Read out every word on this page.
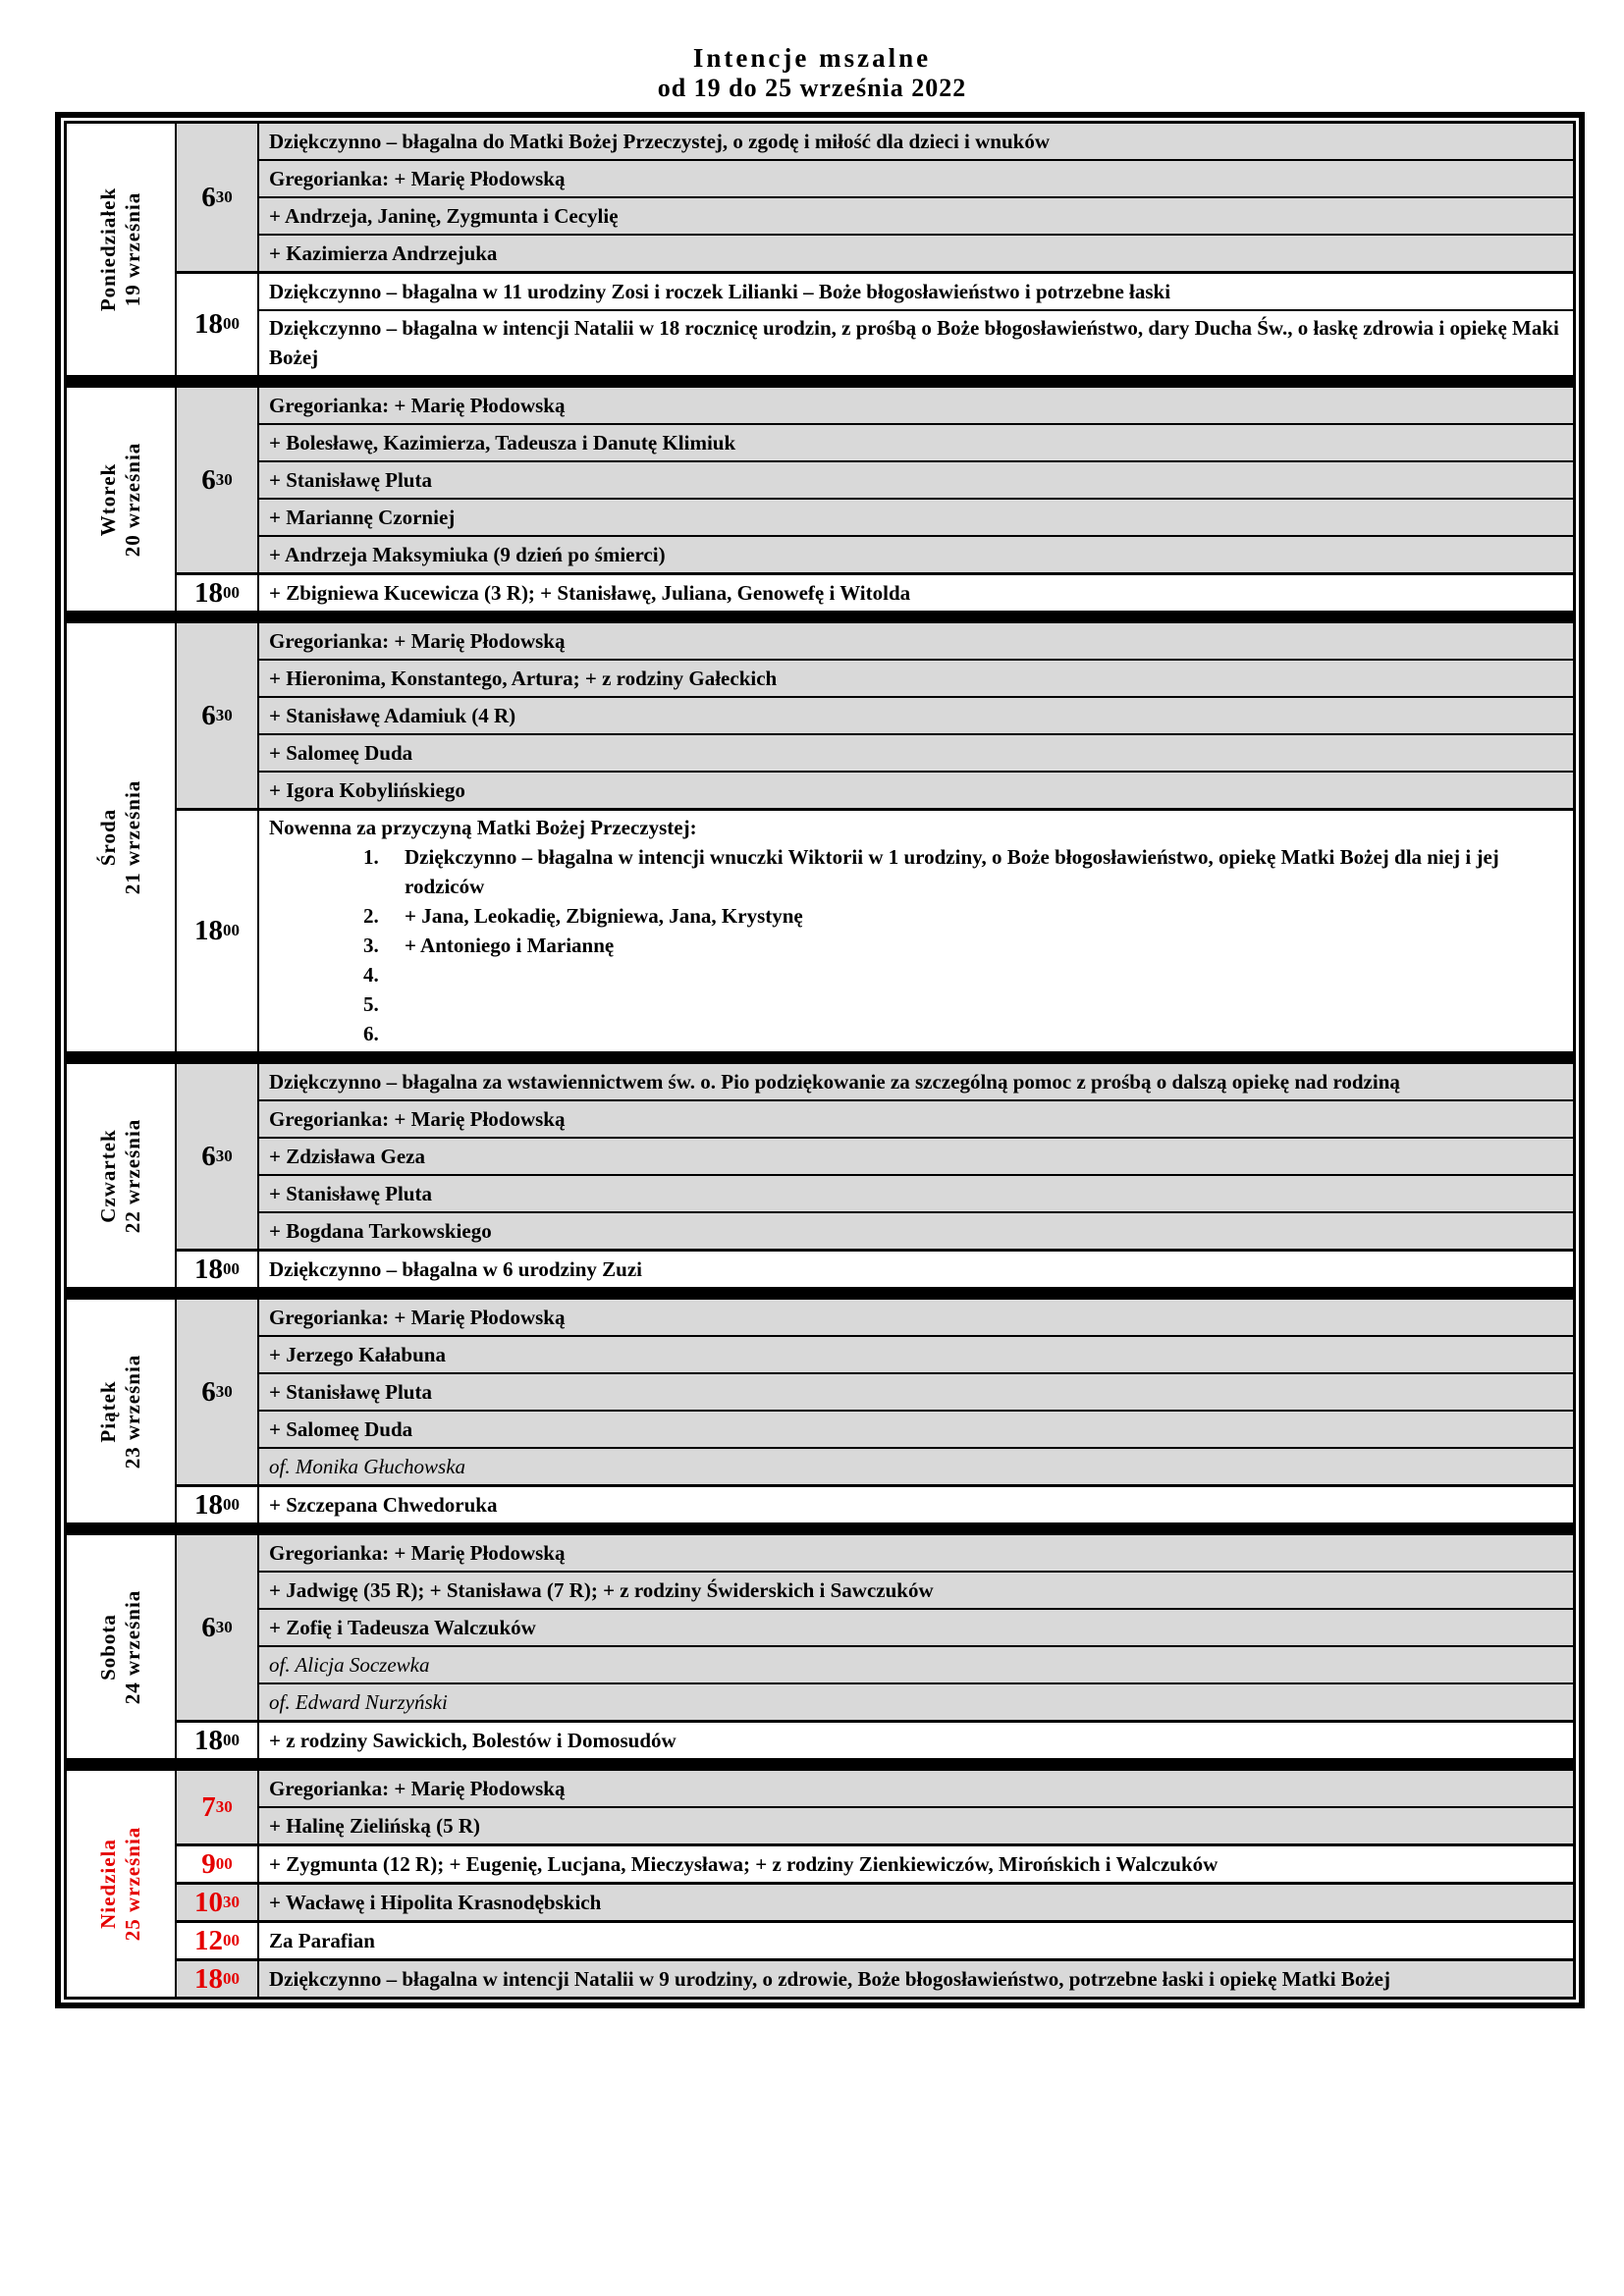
Intencje mszalne
od 19 do 25 września 2022
Poniedziałek 19 września $6^{30}$
Dziękczynno – błagalna do Matki Bożej Przeczystej, o zgodę i miłość dla dzieci i wnuków
Gregorianka: + Marię Płodowską
+ Andrzeja, Janinę, Zygmunta i Cecylię
+ Kazimierza Andrzejuka
$18^{00}$
Dziękczynno – błagalna w 11 urodziny Zosi i roczek Lilianki – Boże błogosławieństwo i potrzebne łaski
Dziękczynno – błagalna w intencji Natalii w 18 rocznicę urodzin, z prośbą o Boże błogosławieństwo, dary Ducha Św., o łaskę zdrowia i opiekę Maki Bożej
Wtorek 20 września $6^{30}$
Gregorianka: + Marię Płodowską
+ Bolesławę, Kazimierza, Tadeusza i Danutę Klimiuk
+ Stanisławę Pluta
+ Mariannę Czorniej
+ Andrzeja Maksymiuka (9 dzień po śmierci)
$18^{00}$	+ Zbigniewa Kucewicza (3 R); + Stanisławę, Juliana, Genowefę i Witolda
Środa 21 września
$6^{30}$
Gregorianka: + Marię Płodowską
+ Hieronima, Konstantego, Artura; + z rodziny Gałeckich
+ Stanisławę Adamiuk (4 R)
+ Salomeę Duda
+ Igora Kobylińskiego
$18^{00}$
Nowenna za przyczyną Matki Bożej Przeczystej:
1.	Dziękczynno – błagalna w intencji wnuczki Wiktorii w 1 urodziny, o Boże błogosławieństwo, opiekę Matki Bożej dla niej i jej rodziców
2.	+ Jana, Leokadię, Zbigniewa, Jana, Krystynę
3.	+ Antoniego i Mariannę
4.
5.
6.
Czwartek 22 września $6^{30}$
Dziękczynno – błagalna za wstawiennictwem św. o. Pio podziękowanie za szczególną pomoc z prośbą o dalszą opiekę nad rodziną
Gregorianka: + Marię Płodowską
+ Zdzisława Geza
+ Stanisławę Pluta
+ Bogdana Tarkowskiego
$18^{00}$	Dziękczynno – błagalna w 6 urodziny Zuzi
Piątek 23 września $6^{30}$
Gregorianka: + Marię Płodowską
+ Jerzego Kałabuna
+ Stanisławę Pluta
+ Salomeę Duda
of. Monika Głuchowska
$18^{00}$	+ Szczepana Chwedoruka
Sobota 24 września $6^{30}$
Gregorianka: + Marię Płodowską
+ Jadwigę (35 R); + Stanisława (7 R); + z rodziny Świderskich i Sawczuków
+ Zofię i Tadeusza Walczuków
of. Alicja Soczewka
of. Edward Nurzyński
$18^{00}$	+ z rodziny Sawickich, Bolestów i Domosudów
Niedziela 25 września
$7^{30}$
Gregorianka: + Marię Płodowską
+ Halinę Zielińską (5 R)
$9^{00}$	+ Zygmunta (12 R); + Eugenię, Lucjana, Mieczysława; + z rodziny Zienkiewiczów, Mirońskich i Walczuków
$10^{30}$	+ Wacławę i Hipolita Krasnodębskich
$12^{00}$	Za Parafian
$18^{00}$	Dziękczynno – błagalna w intencji Natalii w 9 urodziny, o zdrowie, Boże błogosławieństwo, potrzebne łaski i opiekę Matki Bożej
